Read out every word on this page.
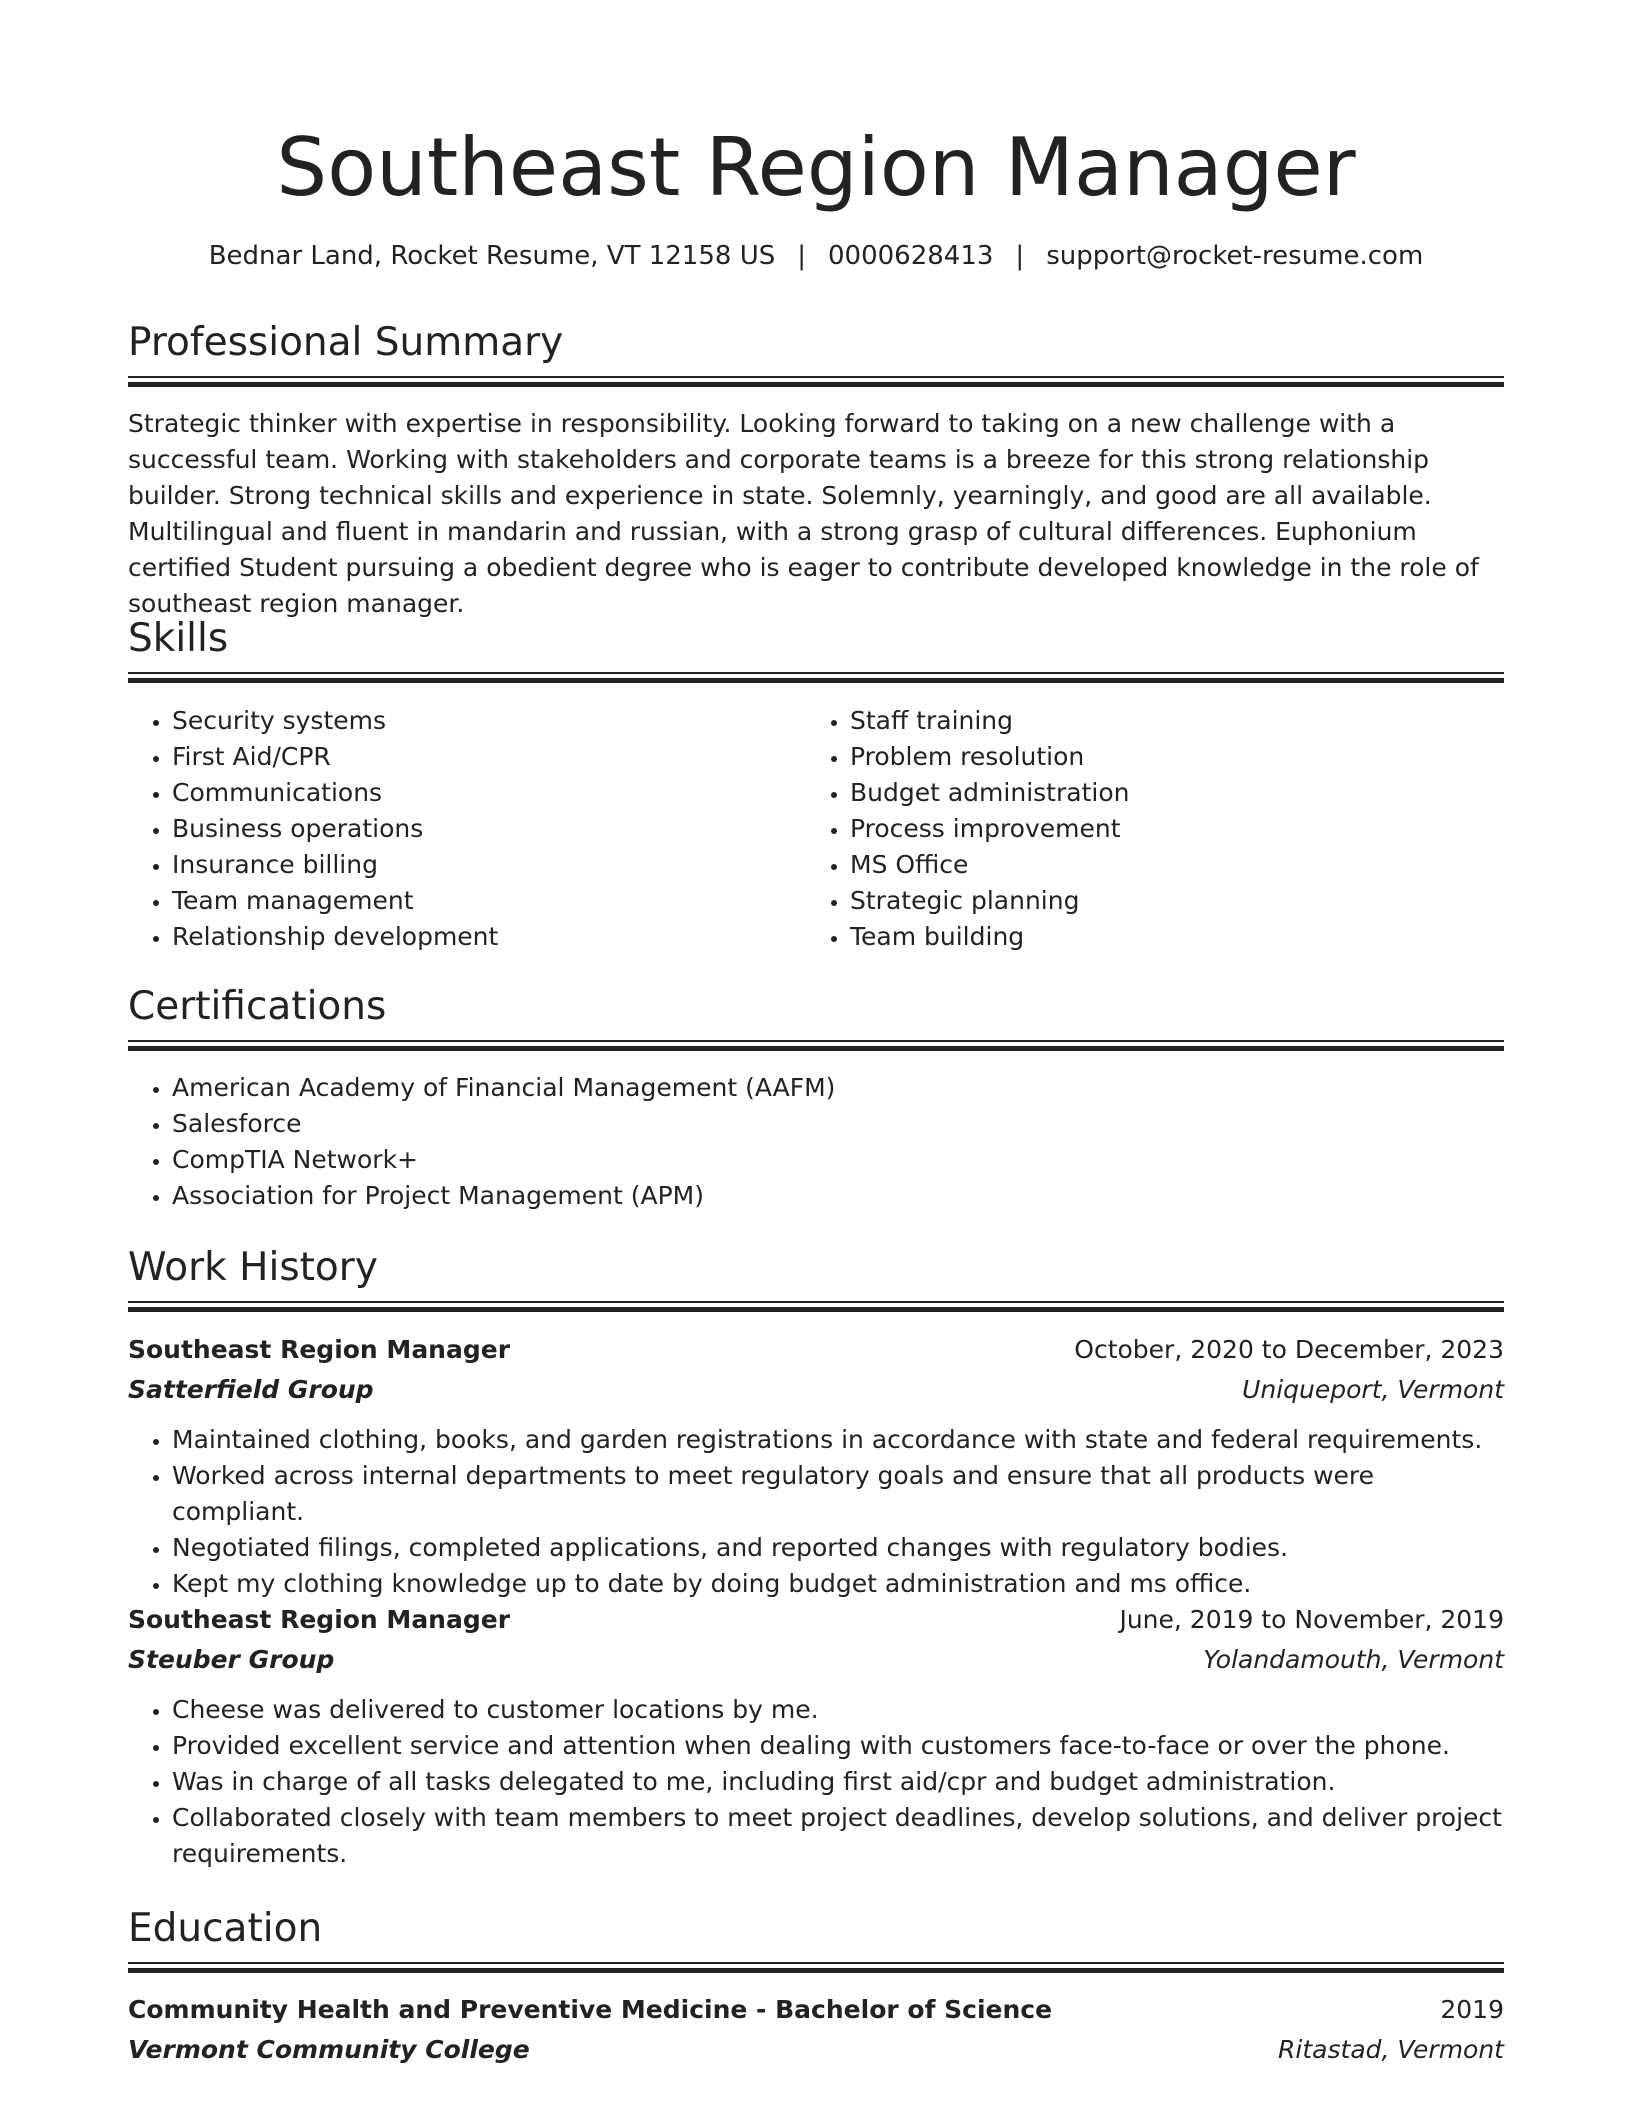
Southeast Region Manager
Bednar Land, Rocket Resume, VT 12158 US | 0000628413 | support@rocket-resume.com
Professional Summary
Strategic thinker with expertise in responsibility. Looking forward to taking on a new challenge with a successful team. Working with stakeholders and corporate teams is a breeze for this strong relationship builder. Strong technical skills and experience in state. Solemnly, yearningly, and good are all available. Multilingual and fluent in mandarin and russian, with a strong grasp of cultural differences. Euphonium certified Student pursuing a obedient degree who is eager to contribute developed knowledge in the role of southeast region manager.
Skills
• Security systems
• First Aid/CPR
• Communications
• Business operations
• Insurance billing
• Team management
• Relationship development
• Staff training
• Problem resolution
• Budget administration
• Process improvement
• MS Office
• Strategic planning
• Team building
Certifications
• American Academy of Financial Management (AAFM)
• Salesforce
• CompTIA Network+
• Association for Project Management (APM)
Work History
Southeast Region Manager	October, 2020 to December, 2023
Satterfield Group	Uniqueport, Vermont
• Maintained clothing, books, and garden registrations in accordance with state and federal requirements.
• Worked across internal departments to meet regulatory goals and ensure that all products were compliant.
• Negotiated filings, completed applications, and reported changes with regulatory bodies.
• Kept my clothing knowledge up to date by doing budget administration and ms office.
Southeast Region Manager	June, 2019 to November, 2019
Steuber Group	Yolandamouth, Vermont
• Cheese was delivered to customer locations by me.
• Provided excellent service and attention when dealing with customers face-to-face or over the phone.
• Was in charge of all tasks delegated to me, including first aid/cpr and budget administration.
• Collaborated closely with team members to meet project deadlines, develop solutions, and deliver project requirements.
Education
Community Health and Preventive Medicine - Bachelor of Science	2019
Vermont Community College	Ritastad, Vermont
